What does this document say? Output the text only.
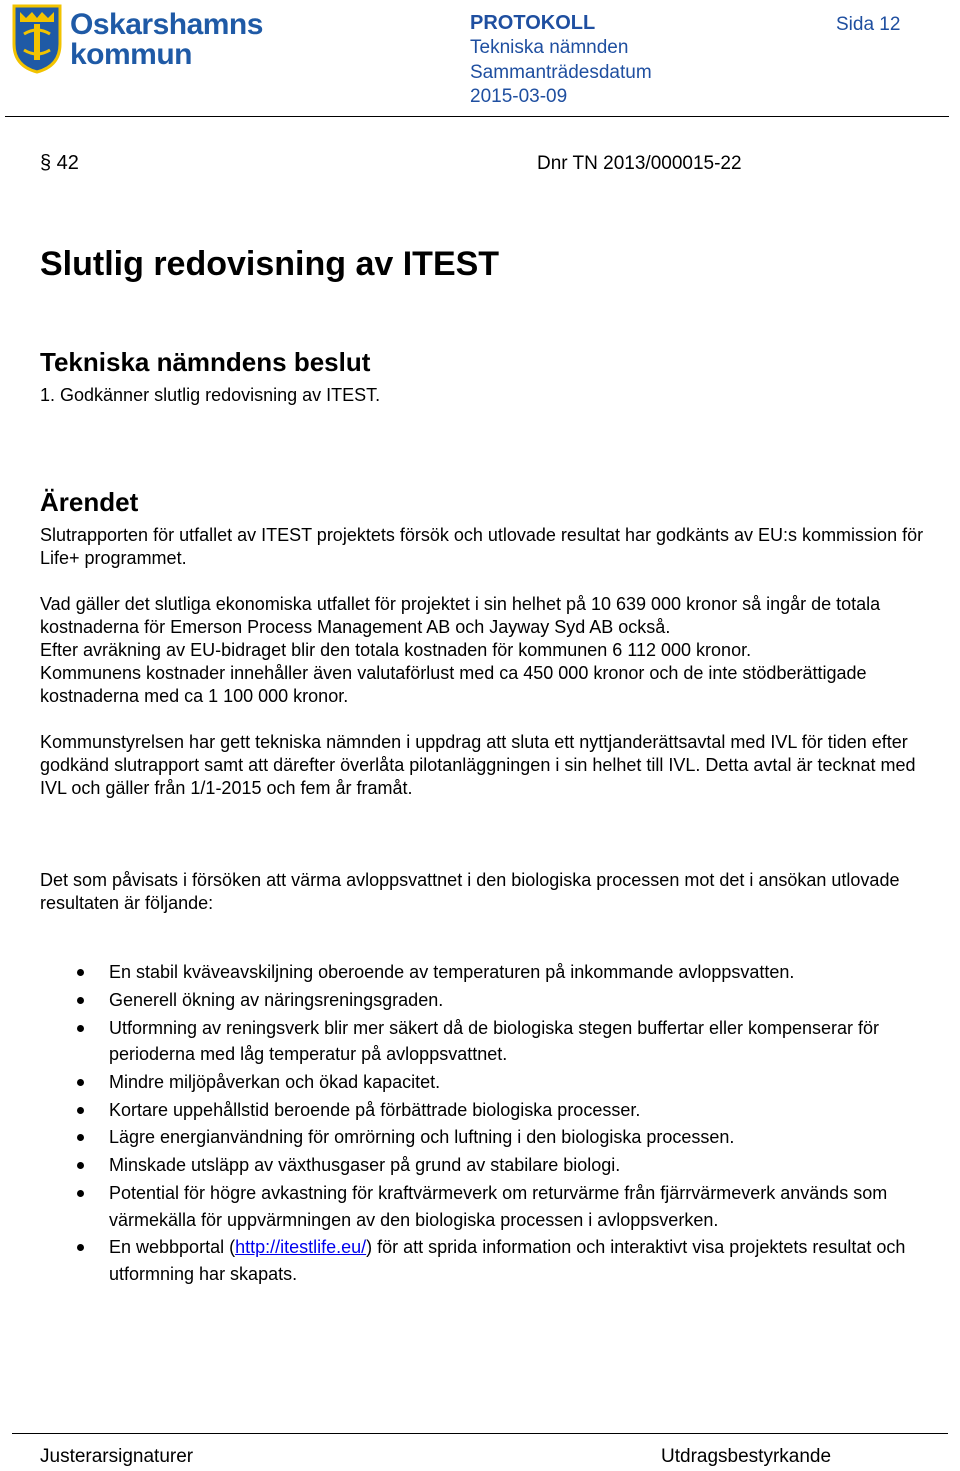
Oskarshamns
kommun
PROTOKOLL
Tekniska nämnden
Sammanträdesdatum
2015-03-09
Sida 12
§ 42	Dnr TN 2013/000015-22
Slutlig redovisning av ITEST
Tekniska nämndens beslut
1. Godkänner slutlig redovisning av ITEST.
Ärendet
Slutrapporten för utfallet av ITEST projektets försök och utlovade resultat har godkänts av EU:s kommission för Life+ programmet.
Vad gäller det slutliga ekonomiska utfallet för projektet i sin helhet på 10 639 000 kronor så ingår de totala kostnaderna för Emerson Process Management AB och Jayway Syd AB också.
Efter avräkning av EU-bidraget blir den totala kostnaden för kommunen 6 112 000 kronor.
Kommunens kostnader innehåller även valutaförlust med ca 450 000 kronor och de inte stödberättigade kostnaderna med ca 1 100 000 kronor.
Kommunstyrelsen har gett tekniska nämnden i uppdrag att sluta ett nyttjanderättsavtal med IVL för tiden efter godkänd slutrapport samt att därefter överlåta pilotanläggningen i sin helhet till IVL. Detta avtal är tecknat med IVL och gäller från 1/1-2015 och fem år framåt.
Det som påvisats i försöken att värma avloppsvattnet i den biologiska processen mot det i ansökan utlovade resultaten är följande:
En stabil kväveavskiljning oberoende av temperaturen på inkommande avloppsvatten.
Generell ökning av näringsreningsgraden.
Utformning av reningsverk blir mer säkert då de biologiska stegen buffertar eller kompenserar för perioderna med låg temperatur på avloppsvattnet.
Mindre miljöpåverkan och ökad kapacitet.
Kortare uppehållstid beroende på förbättrade biologiska processer.
Lägre energianvändning för omrörning och luftning i den biologiska processen.
Minskade utsläpp av växthusgaser på grund av stabilare biologi.
Potential för högre avkastning för kraftvärmeverk om returvärme från fjärrvärmeverk används som värmekälla för uppvärmningen av den biologiska processen i avloppsverken.
En webbportal (http://itestlife.eu/) för att sprida information och interaktivt visa projektets resultat och utformning har skapats.
Justerarsignaturer	Utdragsbestyrkande
